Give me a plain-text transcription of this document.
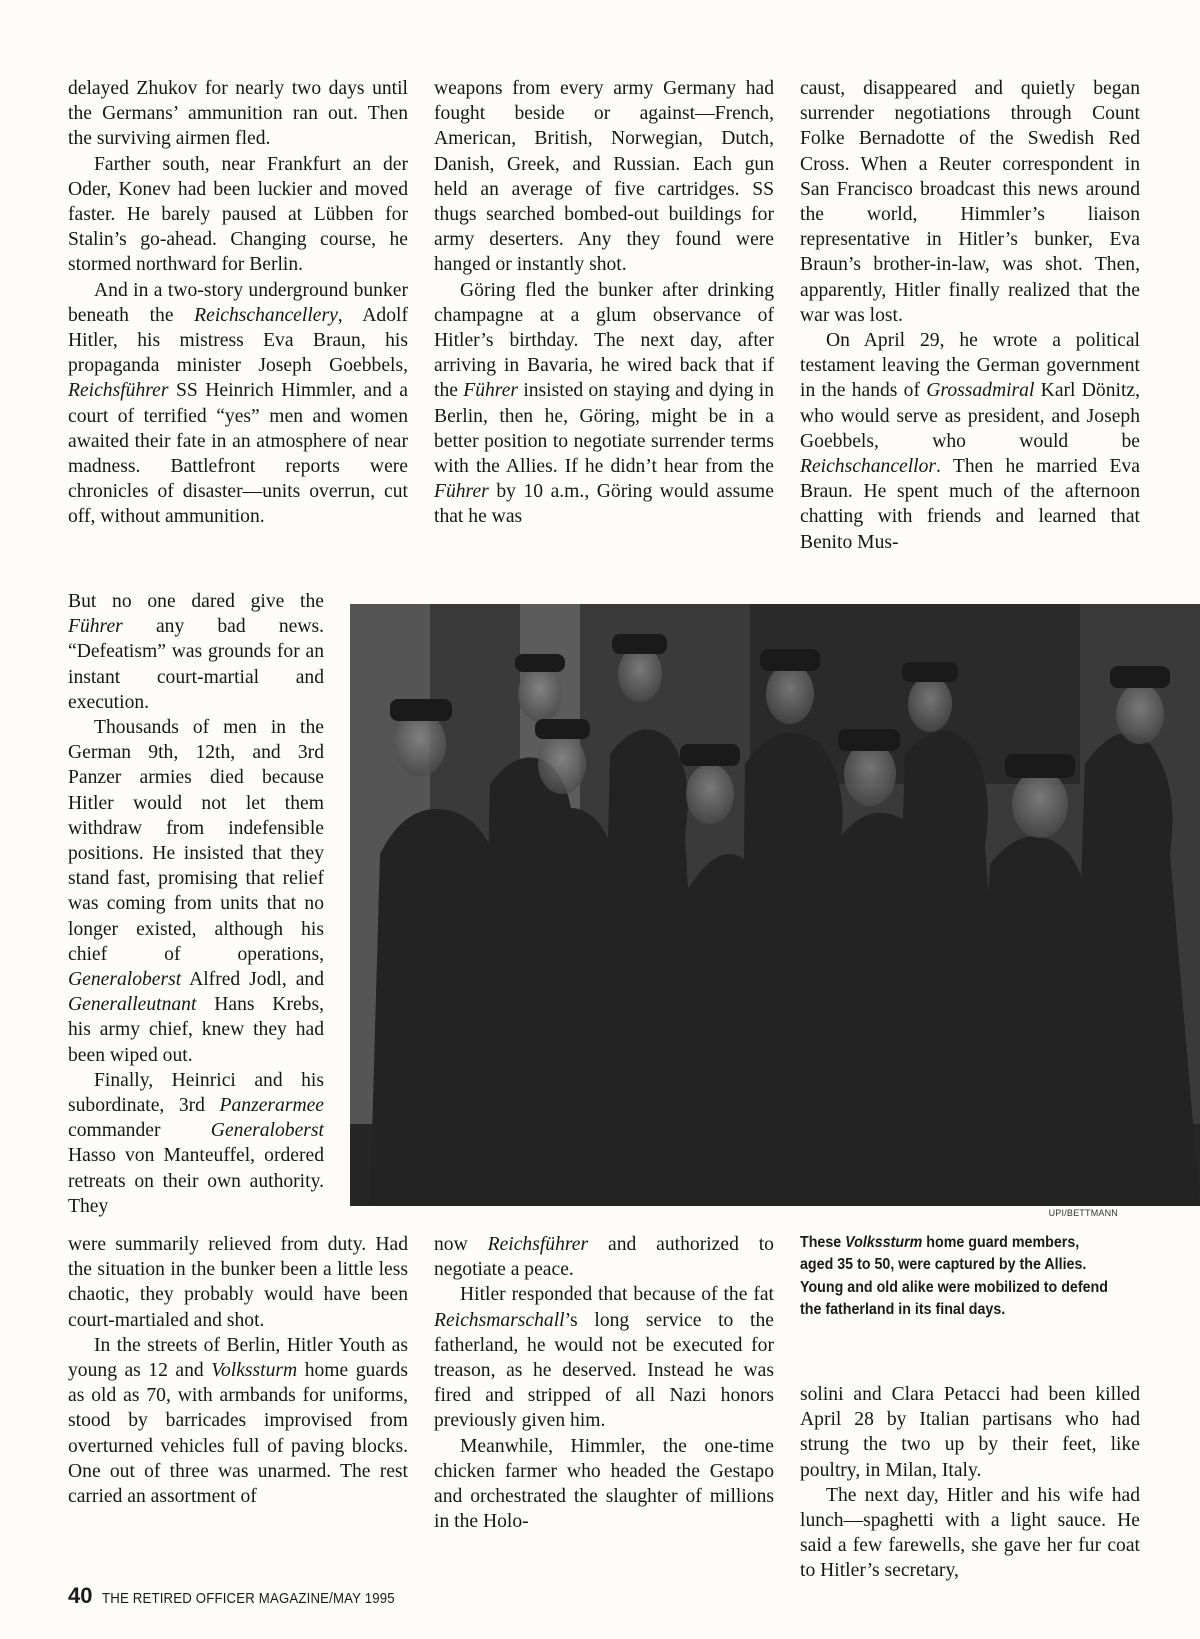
delayed Zhukov for nearly two days until the Germans’ ammunition ran out. Then the surviving airmen fled.

Farther south, near Frankfurt an der Oder, Konev had been luckier and moved faster. He barely paused at Lübben for Stalin’s go-ahead. Changing course, he stormed northward for Berlin.

And in a two-story underground bunker beneath the Reichschancellery, Adolf Hitler, his mistress Eva Braun, his propaganda minister Joseph Goebbels, Reichsführer SS Heinrich Himmler, and a court of terrified “yes” men and women awaited their fate in an atmosphere of near madness. Battlefront reports were chronicles of disaster—units overrun, cut off, without ammunition.

weapons from every army Germany had fought beside or against—French, American, British, Norwegian, Dutch, Danish, Greek, and Russian. Each gun held an average of five cartridges. SS thugs searched bombed-out buildings for army deserters. Any they found were hanged or instantly shot.

Göring fled the bunker after drinking champagne at a glum observance of Hitler’s birthday. The next day, after arriving in Bavaria, he wired back that if the Führer insisted on staying and dying in Berlin, then he, Göring, might be in a better position to negotiate surrender terms with the Allies. If he didn’t hear from the Führer by 10 a.m., Göring would assume that he was

caust, disappeared and quietly began surrender negotiations through Count Folke Bernadotte of the Swedish Red Cross. When a Reuter correspondent in San Francisco broadcast this news around the world, Himmler’s liaison representative in Hitler’s bunker, Eva Braun’s brother-in-law, was shot. Then, apparently, Hitler finally realized that the war was lost.

On April 29, he wrote a political testament leaving the German government in the hands of Grossadmiral Karl Dönitz, who would serve as president, and Joseph Goebbels, who would be Reichschancellor. Then he married Eva Braun. He spent much of the afternoon chatting with friends and learned that Benito Mus-

But no one dared give the Führer any bad news. “Defeatism” was grounds for an instant court-martial and execution.

Thousands of men in the German 9th, 12th, and 3rd Panzer armies died because Hitler would not let them withdraw from indefensible positions. He insisted that they stand fast, promising that relief was coming from units that no longer existed, although his chief of operations, Generaloberst Alfred Jodl, and Generalleutnant Hans Krebs, his army chief, knew they had been wiped out.

Finally, Heinrici and his subordinate, 3rd Panzerarmee commander Generaloberst Hasso von Manteuffel, ordered retreats on their own authority. They	UPI/BETTMANN

were summarily relieved from duty. Had the situation in the bunker been a little less chaotic, they probably would have been court-martialed and shot.

In the streets of Berlin, Hitler Youth as young as 12 and Volkssturm home guards as old as 70, with armbands for uniforms, stood by barricades improvised from overturned vehicles full of paving blocks. One out of three was unarmed. The rest carried an assortment of

now Reichsführer and authorized to negotiate a peace.

Hitler responded that because of the fat Reichsmarschall’s long service to the fatherland, he would not be executed for treason, as he deserved. Instead he was fired and stripped of all Nazi honors previously given him.

Meanwhile, Himmler, the one-time chicken farmer who headed the Gestapo and orchestrated the slaughter of millions in the Holo-

These Volkssturm home guard members, aged 35 to 50, were captured by the Allies. Young and old alike were mobilized to defend the fatherland in its final days.

solini and Clara Petacci had been killed April 28 by Italian partisans who had strung the two up by their feet, like poultry, in Milan, Italy.

The next day, Hitler and his wife had lunch—spaghetti with a light sauce. He said a few farewells, she gave her fur coat to Hitler’s secretary,

40 THE RETIRED OFFICER MAGAZINE/MAY 1995
